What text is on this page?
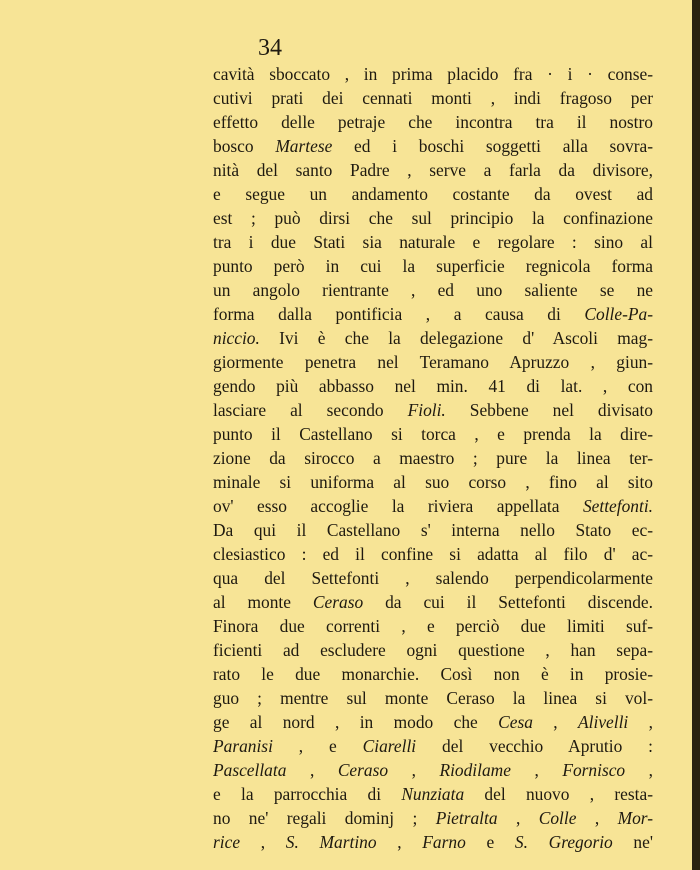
34
cavità sboccato , in prima placido fra · i · conse-
cutivi prati dei cennati monti , indi fragoso per
effetto delle petraje che incontra tra il nostro
bosco Martese ed i boschi soggetti alla sovra-
nità del santo Padre , serve a farla da divisore,
e segue un andamento costante da ovest ad
est ; può dirsi che sul principio la confinazione
tra i due Stati sia naturale e regolare : sino al
punto però in cui la superficie regnicola forma
un angolo rientrante , ed uno saliente se ne
forma dalla pontificia , a causa di Colle-Pa-
niccio. Ivi è che la delegazione d' Ascoli mag-
giormente penetra nel Teramano Apruzzo , giun-
gendo più abbasso nel min. 41 di lat. , con
lasciare al secondo Fioli. Sebbene nel divisato
punto il Castellano si torca , e prenda la dire-
zione da sirocco a maestro ; pure la linea ter-
minale si uniforma al suo corso , fino al sito
ov' esso accoglie la riviera appellata Settefonti.
Da qui il Castellano s' interna nello Stato ec-
clesiastico : ed il confine si adatta al filo d' ac-
qua del Settefonti , salendo perpendicolarmente
al monte Ceraso da cui il Settefonti discende.
Finora due correnti , e perciò due limiti suf-
ficienti ad escludere ogni questione , han sepa-
rato le due monarchie. Così non è in prosie-
guo ; mentre sul monte Ceraso la linea si vol-
ge al nord , in modo che Cesa , Alivelli ,
Paranisi , e Ciarelli del vecchio Aprutio :
Pascellata , Ceraso , Riodilame , Fornisco ,
e la parrocchia di Nunziata del nuovo , resta-
no ne' regali dominj ; Pietralta , Colle , Mor-
rice , S. Martino , Farno e S. Gregorio ne'
